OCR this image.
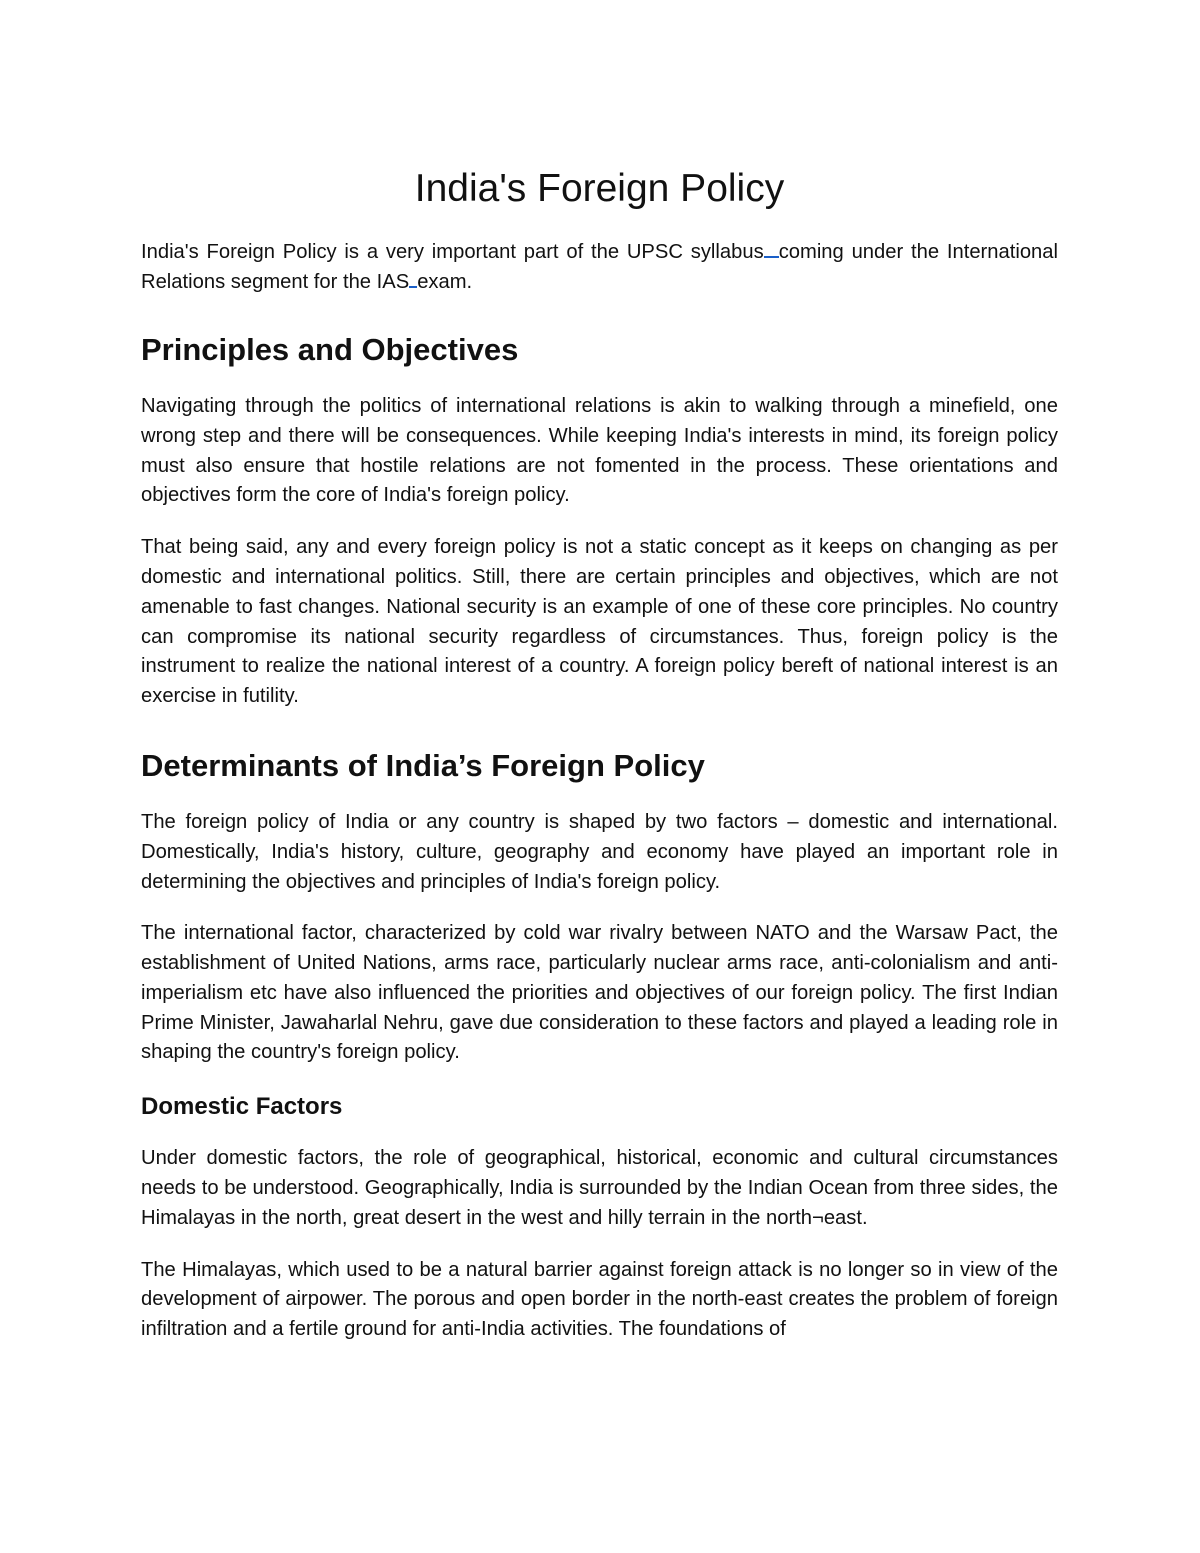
India's Foreign Policy

India's Foreign Policy is a very important part of the UPSC syllabus coming under the International Relations segment for the IAS exam.

Principles and Objectives

Navigating through the politics of international relations is akin to walking through a minefield, one wrong step and there will be consequences. While keeping India's interests in mind, its foreign policy must also ensure that hostile relations are not fomented in the process. These orientations and objectives form the core of India's foreign policy.

That being said, any and every foreign policy is not a static concept as it keeps on changing as per domestic and international politics. Still, there are certain principles and objectives, which are not amenable to fast changes. National security is an example of one of these core principles. No country can compromise its national security regardless of circumstances. Thus, foreign policy is the instrument to realize the national interest of a country. A foreign policy bereft of national interest is an exercise in futility.

Determinants of India’s Foreign Policy

The foreign policy of India or any country is shaped by two factors – domestic and international. Domestically, India's history, culture, geography and economy have played an important role in determining the objectives and principles of India's foreign policy.

The international factor, characterized by cold war rivalry between NATO and the Warsaw Pact, the establishment of United Nations, arms race, particularly nuclear arms race, anti-colonialism and anti-imperialism etc have also influenced the priorities and objectives of our foreign policy. The first Indian Prime Minister, Jawaharlal Nehru, gave due consideration to these factors and played a leading role in shaping the country's foreign policy.

Domestic Factors

Under domestic factors, the role of geographical, historical, economic and cultural circumstances needs to be understood. Geographically, India is surrounded by the Indian Ocean from three sides, the Himalayas in the north, great desert in the west and hilly terrain in the north¬east.

The Himalayas, which used to be a natural barrier against foreign attack is no longer so in view of the development of airpower. The porous and open border in the north-east creates the problem of foreign infiltration and a fertile ground for anti-India activities. The foundations of
